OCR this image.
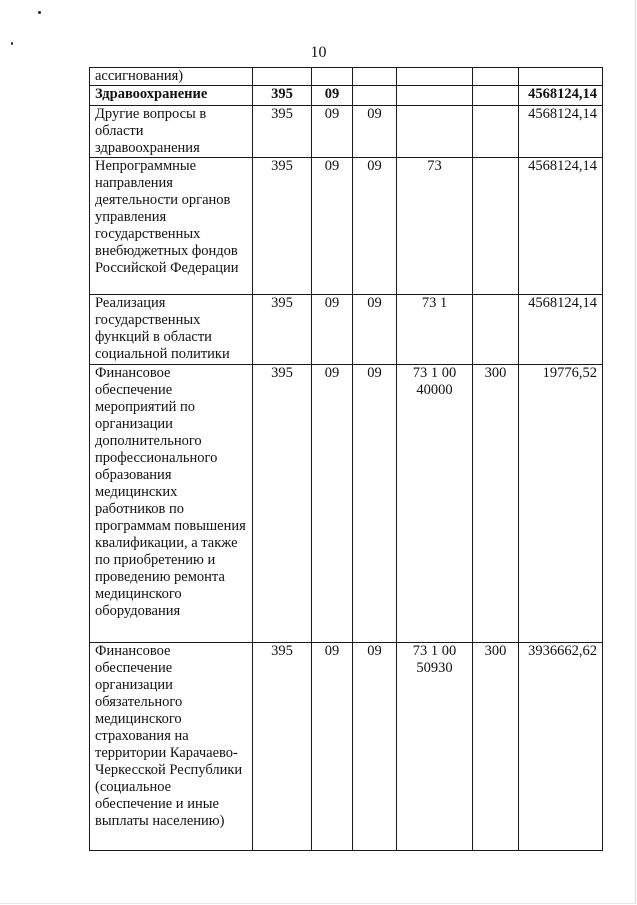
10
ассигнования)						
Здравоохранение	395	09				4568124,14
Другие вопросы в области здравоохранения	395	09	09			4568124,14
Непрограммные направления деятельности органов управления государственных внебюджетных фондов Российской Федерации	395	09	09	73		4568124,14
Реализация государственных функций в области социальной политики	395	09	09	73 1		4568124,14
Финансовое обеспечение мероприятий по организации дополнительного профессионального образования медицинских работников по программам повышения квалификации, а также по приобретению и проведению ремонта медицинского оборудования	395	09	09	73 1 00 40000	300	19776,52
Финансовое обеспечение организации обязательного медицинского страхования на территории Карачаево-Черкесской Республики (социальное обеспечение и иные выплаты населению)	395	09	09	73 1 00 50930	300	3936662,62
